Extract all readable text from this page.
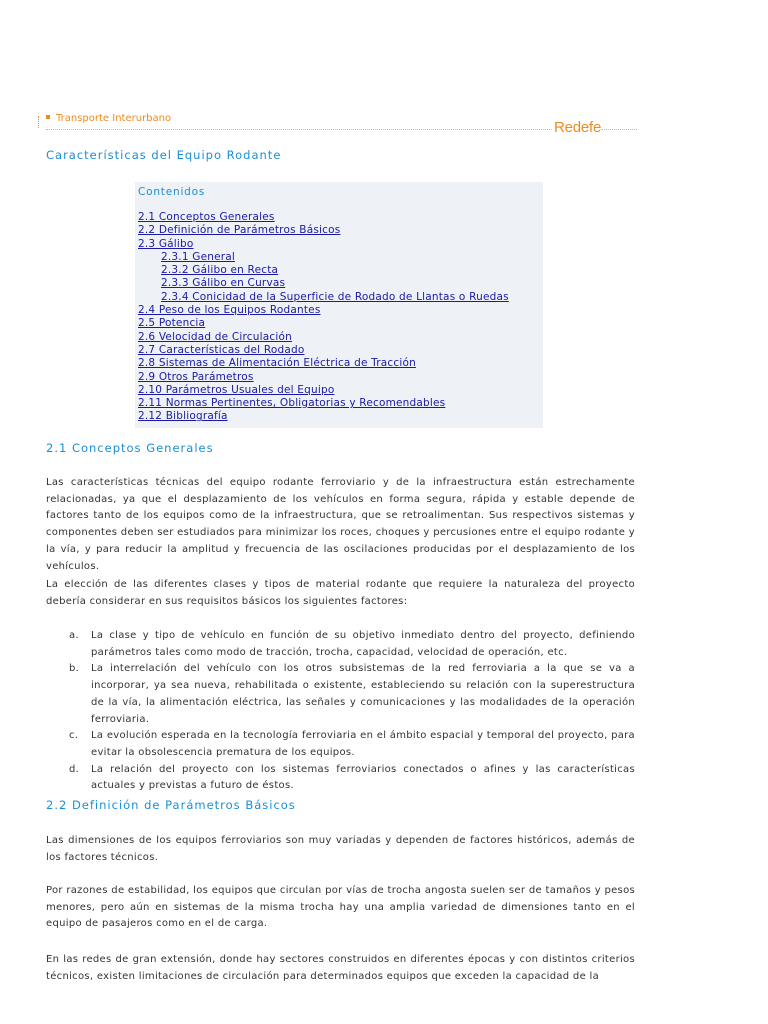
Transporte Interurbano
Redefe
Características del Equipo Rodante
Contenidos
2.1 Conceptos Generales
2.2 Definición de Parámetros Básicos
2.3 Gálibo
2.3.1 General
2.3.2 Gálibo en Recta
2.3.3 Gálibo en Curvas
2.3.4 Conicidad de la Superficie de Rodado de Llantas o Ruedas
2.4 Peso de los Equipos Rodantes
2.5 Potencia
2.6 Velocidad de Circulación
2.7 Características del Rodado
2.8 Sistemas de Alimentación Eléctrica de Tracción
2.9 Otros Parámetros
2.10 Parámetros Usuales del Equipo
2.11 Normas Pertinentes, Obligatorias y Recomendables
2.12 Bibliografía
2.1 Conceptos Generales

Las características técnicas del equipo rodante ferroviario y de la infraestructura están estrechamente relacionadas, ya que el desplazamiento de los vehículos en forma segura, rápida y estable depende de factores tanto de los equipos como de la infraestructura, que se retroalimentan. Sus respectivos sistemas y componentes deben ser estudiados para minimizar los roces, choques y percusiones entre el equipo rodante y la vía, y para reducir la amplitud y frecuencia de las oscilaciones producidas por el desplazamiento de los vehículos.

La elección de las diferentes clases y tipos de material rodante que requiere la naturaleza del proyecto debería considerar en sus requisitos básicos los siguientes factores:

a. La clase y tipo de vehículo en función de su objetivo inmediato dentro del proyecto, definiendo parámetros tales como modo de tracción, trocha, capacidad, velocidad de operación, etc.
b. La interrelación del vehículo con los otros subsistemas de la red ferroviaria a la que se va a incorporar, ya sea nueva, rehabilitada o existente, estableciendo su relación con la superestructura de la vía, la alimentación eléctrica, las señales y comunicaciones y las modalidades de la operación ferroviaria.
c. La evolución esperada en la tecnología ferroviaria en el ámbito espacial y temporal del proyecto, para evitar la obsolescencia prematura de los equipos.
d. La relación del proyecto con los sistemas ferroviarios conectados o afines y las características actuales y previstas a futuro de éstos.
2.2 Definición de Parámetros Básicos

Las dimensiones de los equipos ferroviarios son muy variadas y dependen de factores históricos, además de los factores técnicos.

Por razones de estabilidad, los equipos que circulan por vías de trocha angosta suelen ser de tamaños y pesos menores, pero aún en sistemas de la misma trocha hay una amplia variedad de dimensiones tanto en el equipo de pasajeros como en el de carga.

En las redes de gran extensión, donde hay sectores construidos en diferentes épocas y con distintos criterios técnicos, existen limitaciones de circulación para determinados equipos que exceden la capacidad de la
